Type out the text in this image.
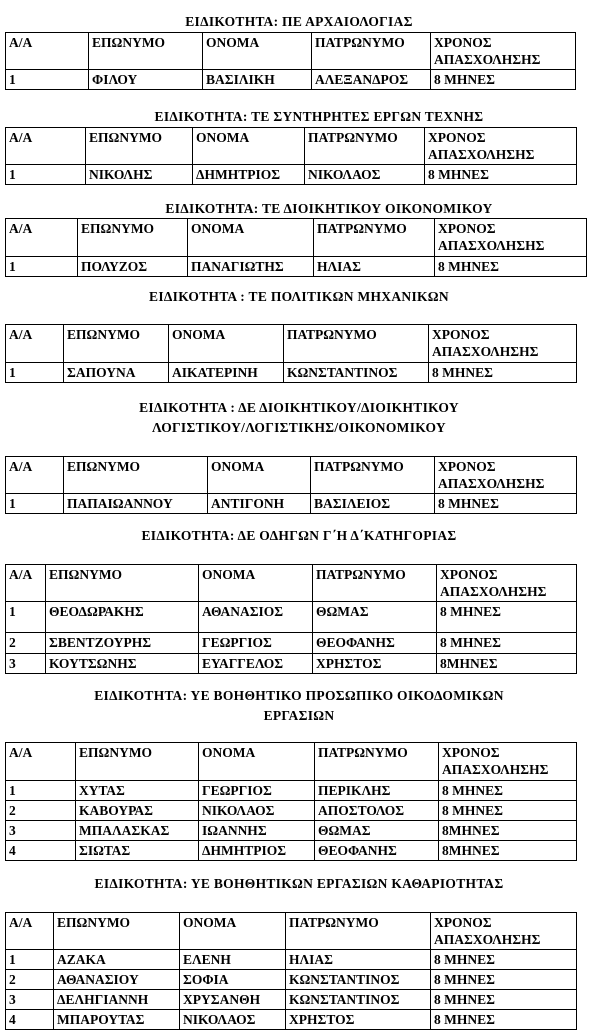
ΕΙΔΙΚΟΤΗΤΑ: ΠΕ ΑΡΧΑΙΟΛΟΓΙΑΣ
Α/Α	ΕΠΩΝΥΜΟ	ΟΝΟΜΑ	ΠΑΤΡΩΝΥΜΟ	ΧΡΟΝΟΣ ΑΠΑΣΧΟΛΗΣΗΣ
1	ΦΙΛΟΥ	ΒΑΣΙΛΙΚΗ	ΑΛΕΞΑΝΔΡΟΣ	8 ΜΗΝΕΣ
ΕΙΔΙΚΟΤΗΤΑ: ΤΕ ΣΥΝΤΗΡΗΤΕΣ ΕΡΓΩΝ ΤΕΧΝΗΣ
Α/Α	ΕΠΩΝΥΜΟ	ΟΝΟΜΑ	ΠΑΤΡΩΝΥΜΟ	ΧΡΟΝΟΣ ΑΠΑΣΧΟΛΗΣΗΣ
1	ΝΙΚΟΛΗΣ	ΔΗΜΗΤΡΙΟΣ	ΝΙΚΟΛΑΟΣ	8 ΜΗΝΕΣ
ΕΙΔΙΚΟΤΗΤΑ: ΤΕ ΔΙΟΙΚΗΤΙΚΟΥ ΟΙΚΟΝΟΜΙΚΟΥ
Α/Α	ΕΠΩΝΥΜΟ	ΟΝΟΜΑ	ΠΑΤΡΩΝΥΜΟ	ΧΡΟΝΟΣ ΑΠΑΣΧΟΛΗΣΗΣ
1	ΠΟΛΥΖΟΣ	ΠΑΝΑΓΙΩΤΗΣ	ΗΛΙΑΣ	8 ΜΗΝΕΣ
ΕΙΔΙΚΟΤΗΤΑ : ΤΕ ΠΟΛΙΤΙΚΩΝ ΜΗΧΑΝΙΚΩΝ
Α/Α	ΕΠΩΝΥΜΟ	ΟΝΟΜΑ	ΠΑΤΡΩΝΥΜΟ	ΧΡΟΝΟΣ ΑΠΑΣΧΟΛΗΣΗΣ
1	ΣΑΠΟΥΝΑ	ΑΙΚΑΤΕΡΙΝΗ	ΚΩΝΣΤΑΝΤΙΝΟΣ	8 ΜΗΝΕΣ
ΕΙΔΙΚΟΤΗΤΑ : ΔΕ ΔΙΟΙΚΗΤΙΚΟΥ/ΔΙΟΙΚΗΤΙΚΟΥ
ΛΟΓΙΣΤΙΚΟΥ/ΛΟΓΙΣΤΙΚΗΣ/ΟΙΚΟΝΟΜΙΚΟΥ
Α/Α	ΕΠΩΝΥΜΟ	ΟΝΟΜΑ	ΠΑΤΡΩΝΥΜΟ	ΧΡΟΝΟΣ ΑΠΑΣΧΟΛΗΣΗΣ
1	ΠΑΠΑΙΩΑΝΝΟΥ	ΑΝΤΙΓΟΝΗ	ΒΑΣΙΛΕΙΟΣ	8 ΜΗΝΕΣ
ΕΙΔΙΚΟΤΗΤΑ: ΔΕ ΟΔΗΓΩΝ Γ΄Η Δ΄ΚΑΤΗΓΟΡΙΑΣ
Α/Α	ΕΠΩΝΥΜΟ	ΟΝΟΜΑ	ΠΑΤΡΩΝΥΜΟ	ΧΡΟΝΟΣ ΑΠΑΣΧΟΛΗΣΗΣ
1	ΘΕΟΔΩΡΑΚΗΣ	ΑΘΑΝΑΣΙΟΣ	ΘΩΜΑΣ	8 ΜΗΝΕΣ
2	ΣΒΕΝΤΖΟΥΡΗΣ	ΓΕΩΡΓΙΟΣ	ΘΕΟΦΑΝΗΣ	8 ΜΗΝΕΣ
3	ΚΟΥΤΣΩΝΗΣ	ΕΥΑΓΓΕΛΟΣ	ΧΡΗΣΤΟΣ	8ΜΗΝΕΣ
ΕΙΔΙΚΟΤΗΤΑ: ΥΕ ΒΟΗΘΗΤΙΚΟ ΠΡΟΣΩΠΙΚΟ ΟΙΚΟΔΟΜΙΚΩΝ
ΕΡΓΑΣΙΩΝ
Α/Α	ΕΠΩΝΥΜΟ	ΟΝΟΜΑ	ΠΑΤΡΩΝΥΜΟ	ΧΡΟΝΟΣ ΑΠΑΣΧΟΛΗΣΗΣ
1	ΧΥΤΑΣ	ΓΕΩΡΓΙΟΣ	ΠΕΡΙΚΛΗΣ	8 ΜΗΝΕΣ
2	ΚΑΒΟΥΡΑΣ	ΝΙΚΟΛΑΟΣ	ΑΠΟΣΤΟΛΟΣ	8 ΜΗΝΕΣ
3	ΜΠΑΛΑΣΚΑΣ	ΙΩΑΝΝΗΣ	ΘΩΜΑΣ	8ΜΗΝΕΣ
4	ΣΙΩΤΑΣ	ΔΗΜΗΤΡΙΟΣ	ΘΕΟΦΑΝΗΣ	8ΜΗΝΕΣ
ΕΙΔΙΚΟΤΗΤΑ: ΥΕ ΒΟΗΘΗΤΙΚΩΝ ΕΡΓΑΣΙΩΝ ΚΑΘΑΡΙΟΤΗΤΑΣ
Α/Α	ΕΠΩΝΥΜΟ	ΟΝΟΜΑ	ΠΑΤΡΩΝΥΜΟ	ΧΡΟΝΟΣ ΑΠΑΣΧΟΛΗΣΗΣ
1	ΑΖΑΚΑ	ΕΛΕΝΗ	ΗΛΙΑΣ	8 ΜΗΝΕΣ
2	ΑΘΑΝΑΣΙΟΥ	ΣΟΦΙΑ	ΚΩΝΣΤΑΝΤΙΝΟΣ	8 ΜΗΝΕΣ
3	ΔΕΛΗΓΙΑΝΝΗ	ΧΡΥΣΑΝΘΗ	ΚΩΝΣΤΑΝΤΙΝΟΣ	8 ΜΗΝΕΣ
4	ΜΠΑΡΟΥΤΑΣ	ΝΙΚΟΛΑΟΣ	ΧΡΗΣΤΟΣ	8 ΜΗΝΕΣ
